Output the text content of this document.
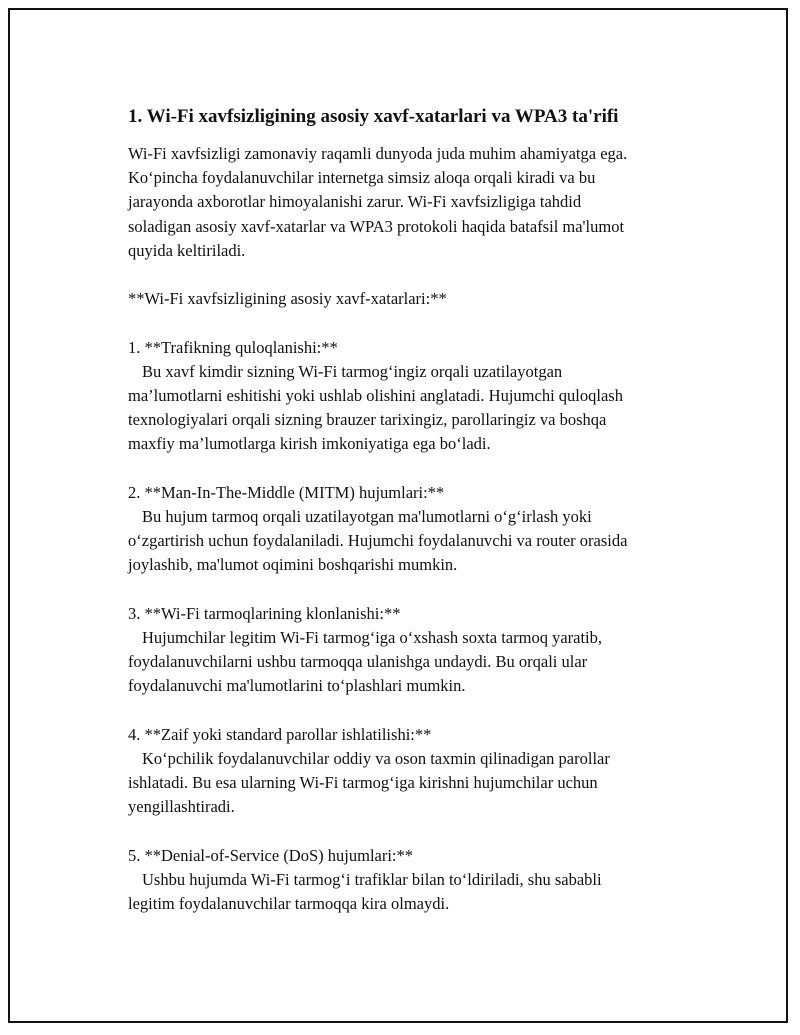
1. Wi-Fi xavfsizligining asosiy xavf-xatarlari va WPA3 ta'rifi

Wi-Fi xavfsizligi zamonaviy raqamli dunyoda juda muhim ahamiyatga ega.
Ko‘pincha foydalanuvchilar internetga simsiz aloqa orqali kiradi va bu
jarayonda axborotlar himoyalanishi zarur. Wi-Fi xavfsizligiga tahdid
soladigan asosiy xavf-xatarlar va WPA3 protokoli haqida batafsil ma'lumot
quyida keltiriladi.

**Wi-Fi xavfsizligining asosiy xavf-xatarlari:**

1. **Trafikning quloqlanishi:**
Bu xavf kimdir sizning Wi-Fi tarmog‘ingiz orqali uzatilayotgan
ma’lumotlarni eshitishi yoki ushlab olishini anglatadi. Hujumchi quloqlash
texnologiyalari orqali sizning brauzer tarixingiz, parollaringiz va boshqa
maxfiy ma’lumotlarga kirish imkoniyatiga ega bo‘ladi.
2. **Man-In-The-Middle (MITM) hujumlari:**
Bu hujum tarmoq orqali uzatilayotgan ma'lumotlarni o‘g‘irlash yoki
o‘zgartirish uchun foydalaniladi. Hujumchi foydalanuvchi va router orasida
joylashib, ma'lumot oqimini boshqarishi mumkin.
3. **Wi-Fi tarmoqlarining klonlanishi:**
Hujumchilar legitim Wi-Fi tarmog‘iga o‘xshash soxta tarmoq yaratib,
foydalanuvchilarni ushbu tarmoqqa ulanishga undaydi. Bu orqali ular
foydalanuvchi ma'lumotlarini to‘plashlari mumkin.
4. **Zaif yoki standard parollar ishlatilishi:**
Ko‘pchilik foydalanuvchilar oddiy va oson taxmin qilinadigan parollar
ishlatadi. Bu esa ularning Wi-Fi tarmog‘iga kirishni hujumchilar uchun
yengillashtiradi.
5. **Denial-of-Service (DoS) hujumlari:**
Ushbu hujumda Wi-Fi tarmog‘i trafiklar bilan to‘ldiriladi, shu sababli
legitim foydalanuvchilar tarmoqqa kira olmaydi.
